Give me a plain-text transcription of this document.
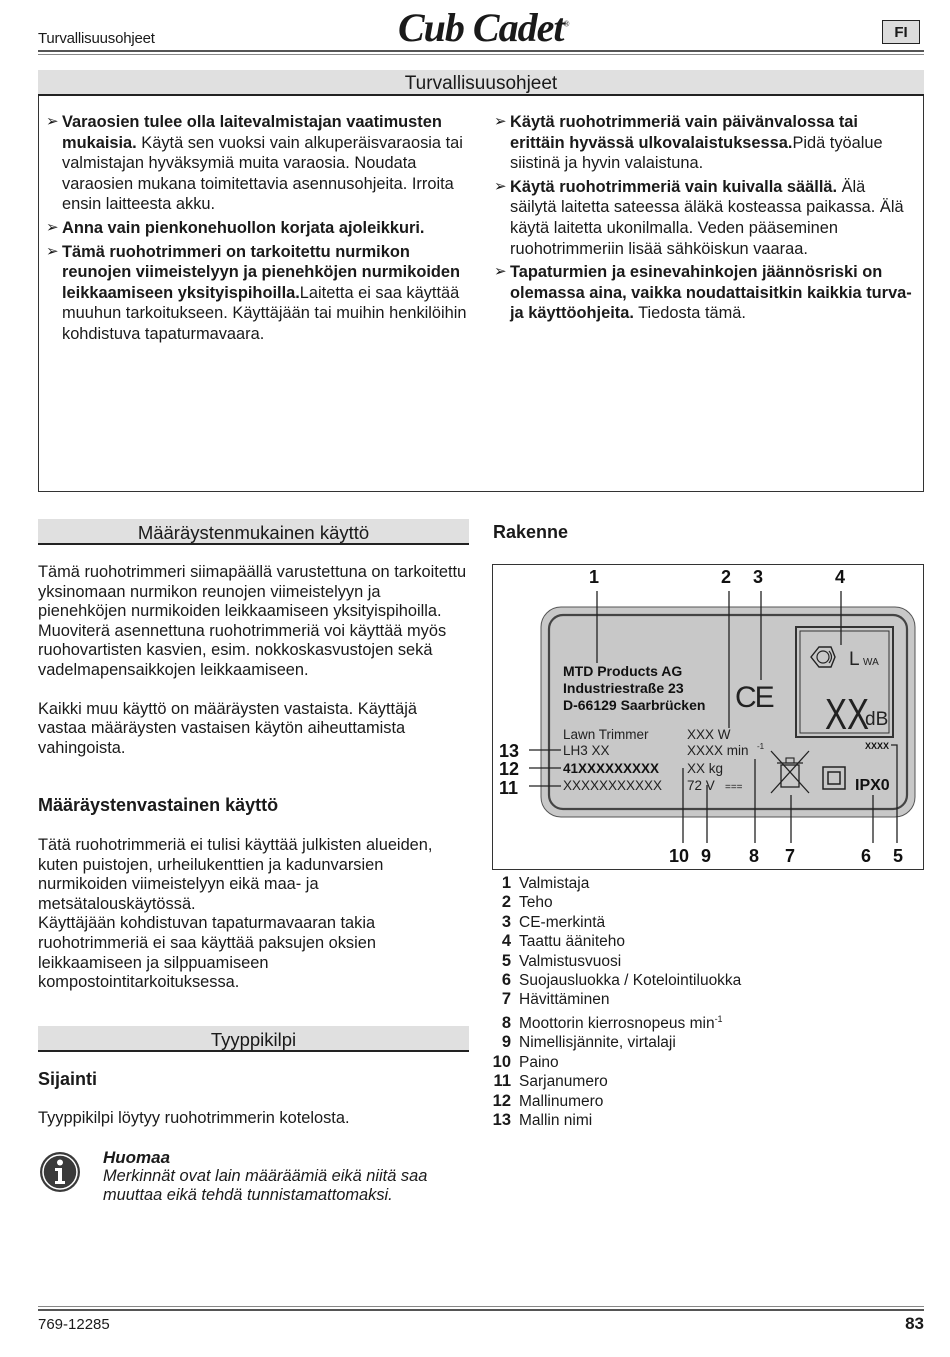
Turvallisuusohjeet	Cub Cadet®	FI
Turvallisuusohjeet
➢ Varaosien tulee olla laitevalmistajan vaatimusten mukaisia. Käytä sen vuoksi vain alkuperäisvaraosia tai valmistajan hyväksymiä muita varaosia. Noudata varaosien mukana toimitettavia asennusohjeita. Irroita ensin laitteesta akku.
➢ Anna vain pienkonehuollon korjata ajoleikkuri.
➢ Tämä ruohotrimmeri on tarkoitettu nurmikon reunojen viimeistelyyn ja pienehköjen nurmikoiden leikkaamiseen yksityispihoilla.Laitetta ei saa käyttää muuhun tarkoitukseen. Käyttäjään tai muihin henkilöihin kohdistuva tapaturmavaara.
➢ Käytä ruohotrimmeriä vain päivänvalossa tai erittäin hyvässä ulkovalaistuksessa.Pidä työalue siistinä ja hyvin valaistuna.
➢ Käytä ruohotrimmeriä vain kuivalla säällä. Älä säilytä laitetta sateessa äläkä kosteassa paikassa. Älä käytä laitetta ukonilmalla. Veden pääseminen ruohotrimmeriin lisää sähköiskun vaaraa.
➢ Tapaturmien ja esinevahinkojen jäännösriski on olemassa aina, vaikka noudattaisitkin kaikkia turva- ja käyttöohjeita. Tiedosta tämä.
Määräystenmukainen käyttö
Tämä ruohotrimmeri siimapäällä varustettuna on tarkoitettu yksinomaan nurmikon reunojen viimeistelyyn ja pienehköjen nurmikoiden leikkaamiseen yksityispihoilla.
Muoviterä asennettuna ruohotrimmeriä voi käyttää myös ruohovartisten kasvien, esim. nokkoskasvustojen sekä vadelmapensaikkojen leikkaamiseen.
Kaikki muu käyttö on määräysten vastaista. Käyttäjä vastaa määräysten vastaisen käytön aiheuttamista vahingoista.
Määräystenvastainen käyttö
Tätä ruohotrimmeriä ei tulisi käyttää julkisten alueiden, kuten puistojen, urheilukenttien ja kadunvarsien nurmikoiden viimeistelyyn eikä maa- ja metsätalouskäytössä.
Käyttäjään kohdistuvan tapaturmavaaran takia ruohotrimmeriä ei saa käyttää paksujen oksien leikkaamiseen ja silppuamiseen kompostointitarkoituksessa.
Tyyppikilpi
Sijainti
Tyyppikilpi löytyy ruohotrimmerin kotelosta.
Huomaa
Merkinnät ovat lain määräämiä eikä niitä saa muuttaa eikä tehdä tunnistamattomaksi.
Rakenne
L WA
XX
dB
MTD Products AG
Industriestraße 23
D-66129 Saarbrücken CE
Lawn Trimmer
LH3 XX
41XXXXXXXXX
XXXXXXXXXXX
XXX W
XXXX min -1
XX kg
72 V ===
XXXX
IPX0
1	2 3	4
13
12
11
10 9 8 7	6 5
1 Valmistaja
2 Teho
3 CE-merkintä
4 Taattu ääniteho
5 Valmistusvuosi
6 Suojausluokka / Kotelointiluokka
7 Hävittäminen
8 Moottorin kierrosnopeus $\min^{-1}$
9 Nimellisjännite, virtalaji
10 Paino
11 Sarjanumero
12 Mallinumero
13 Mallin nimi
769-12285	83
